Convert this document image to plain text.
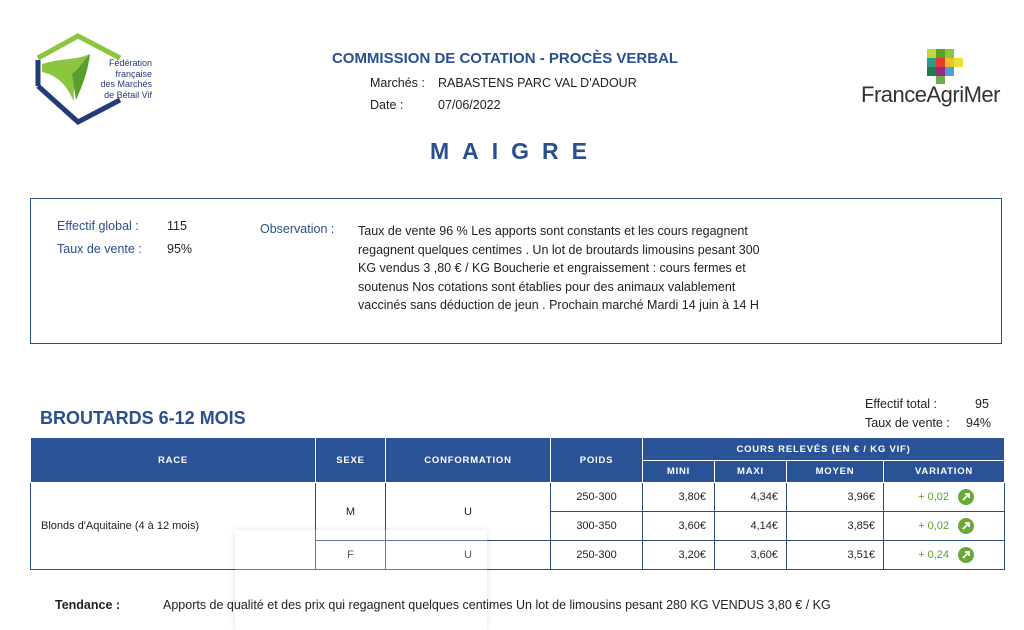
Fédération
française
des Marchés
de Bétail Vif	FranceAgriMer
COMMISSION DE COTATION - PROCÈS VERBAL
Marchés : RABASTENS PARC VAL D'ADOUR
Date :	07/06/2022
MAIGRE
Effectif global : 115
Taux de vente : 95%
Observation : Taux de vente 96 % Les apports sont constants et les cours regagnent regagnent quelques centimes . Un lot de broutards limousins pesant 300 KG vendus 3 ,80 € / KG Boucherie et engraissement : cours fermes et soutenus Nos cotations sont établies pour des animaux valablement vaccinés sans déduction de jeun . Prochain marché Mardi 14 juin à 14 H
BROUTARDS 6-12 MOIS
Effectif total :	95
Taux de vente : 94%
RACE	SEXE	CONFORMATION	POIDS	COURS RELEVÉS (EN € / KG VIF)			
				MINI	MAXI	MOYEN	VARIATION
Blonds d'Aquitaine (4 à 12 mois)	M	U	250-300	3,80€	4,34€	3,96€	+ 0,02

			300-350	3,60€	4,14€	3,85€	+ 0,02

	F	U	250-300	3,20€	3,60€	3,51€	+ 0,24
Tendance :	Apports de qualité et des prix qui regagnent quelques centimes Un lot de limousins pesant 280 KG VENDUS 3,80 € / KG
